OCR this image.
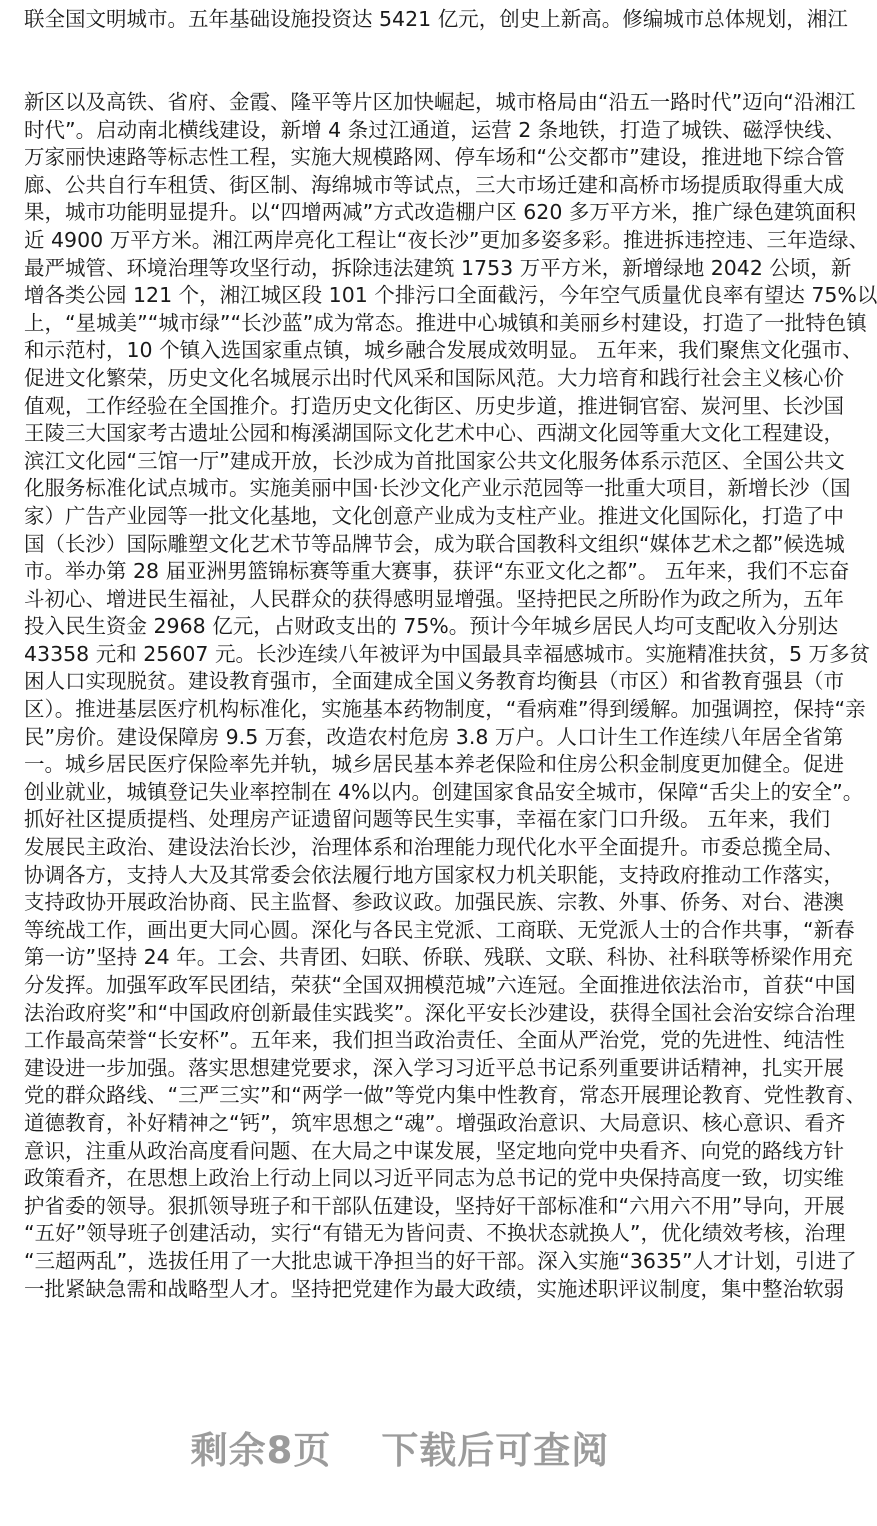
联全国文明城市。五年基础设施投资达 5421 亿元，创史上新高。修编城市总体规划，湘江
新区以及高铁、省府、金霞、隆平等片区加快崛起，城市格局由“沿五一路时代”迈向“沿湘江
时代”。启动南北横线建设，新增 4 条过江通道，运营 2 条地铁，打造了城铁、磁浮快线、
万家丽快速路等标志性工程，实施大规模路网、停车场和“公交都市”建设，推进地下综合管
廊、公共自行车租赁、街区制、海绵城市等试点，三大市场迁建和高桥市场提质取得重大成
果，城市功能明显提升。以“四增两减”方式改造棚户区 620 多万平方米，推广绿色建筑面积
近 4900 万平方米。湘江两岸亮化工程让“夜长沙”更加多姿多彩。推进拆违控违、三年造绿、
最严城管、环境治理等攻坚行动，拆除违法建筑 1753 万平方米，新增绿地 2042 公顷，新
增各类公园 121 个，湘江城区段 101 个排污口全面截污，今年空气质量优良率有望达 75%以
上，“星城美”“城市绿”“长沙蓝”成为常态。推进中心城镇和美丽乡村建设，打造了一批特色镇
和示范村，10 个镇入选国家重点镇，城乡融合发展成效明显。 五年来，我们聚焦文化强市、
促进文化繁荣，历史文化名城展示出时代风采和国际风范。大力培育和践行社会主义核心价
值观，工作经验在全国推介。打造历史文化街区、历史步道，推进铜官窑、炭河里、长沙国
王陵三大国家考古遗址公园和梅溪湖国际文化艺术中心、西湖文化园等重大文化工程建设，
滨江文化园“三馆一厅”建成开放，长沙成为首批国家公共文化服务体系示范区、全国公共文
化服务标准化试点城市。实施美丽中国·长沙文化产业示范园等一批重大项目，新增长沙（国
家）广告产业园等一批文化基地，文化创意产业成为支柱产业。推进文化国际化，打造了中
国（长沙）国际雕塑文化艺术节等品牌节会，成为联合国教科文组织“媒体艺术之都”候选城
市。举办第 28 届亚洲男篮锦标赛等重大赛事，获评“东亚文化之都”。 五年来，我们不忘奋
斗初心、增进民生福祉，人民群众的获得感明显增强。坚持把民之所盼作为政之所为，五年
投入民生资金 2968 亿元，占财政支出的 75%。预计今年城乡居民人均可支配收入分别达
43358 元和 25607 元。长沙连续八年被评为中国最具幸福感城市。实施精准扶贫，5 万多贫
困人口实现脱贫。建设教育强市，全面建成全国义务教育均衡县（市区）和省教育强县（市
区）。推进基层医疗机构标准化，实施基本药物制度，“看病难”得到缓解。加强调控，保持“亲
民”房价。建设保障房 9.5 万套，改造农村危房 3.8 万户。人口计生工作连续八年居全省第
一。城乡居民医疗保险率先并轨，城乡居民基本养老保险和住房公积金制度更加健全。促进
创业就业，城镇登记失业率控制在 4%以内。创建国家食品安全城市，保障“舌尖上的安全”。
抓好社区提质提档、处理房产证遗留问题等民生实事，幸福在家门口升级。 五年来，我们
发展民主政治、建设法治长沙，治理体系和治理能力现代化水平全面提升。市委总揽全局、
协调各方，支持人大及其常委会依法履行地方国家权力机关职能，支持政府推动工作落实，
支持政协开展政治协商、民主监督、参政议政。加强民族、宗教、外事、侨务、对台、港澳
等统战工作，画出更大同心圆。深化与各民主党派、工商联、无党派人士的合作共事，“新春
第一访”坚持 24 年。工会、共青团、妇联、侨联、残联、文联、科协、社科联等桥梁作用充
分发挥。加强军政军民团结，荣获“全国双拥模范城”六连冠。全面推进依法治市，首获“中国
法治政府奖”和“中国政府创新最佳实践奖”。深化平安长沙建设，获得全国社会治安综合治理
工作最高荣誉“长安杯”。五年来，我们担当政治责任、全面从严治党，党的先进性、纯洁性
建设进一步加强。落实思想建党要求，深入学习习近平总书记系列重要讲话精神，扎实开展
党的群众路线、“三严三实”和“两学一做”等党内集中性教育，常态开展理论教育、党性教育、
道德教育，补好精神之“钙”，筑牢思想之“魂”。增强政治意识、大局意识、核心意识、看齐
意识，注重从政治高度看问题、在大局之中谋发展，坚定地向党中央看齐、向党的路线方针
政策看齐，在思想上政治上行动上同以习近平同志为总书记的党中央保持高度一致，切实维
护省委的领导。狠抓领导班子和干部队伍建设，坚持好干部标准和“六用六不用”导向，开展
“五好”领导班子创建活动，实行“有错无为皆问责、不换状态就换人”，优化绩效考核，治理
“三超两乱”，选拔任用了一大批忠诚干净担当的好干部。深入实施“3635”人才计划，引进了
一批紧缺急需和战略型人才。坚持把党建作为最大政绩，实施述职评议制度，集中整治软弱
剩余8页 下载后可查阅
